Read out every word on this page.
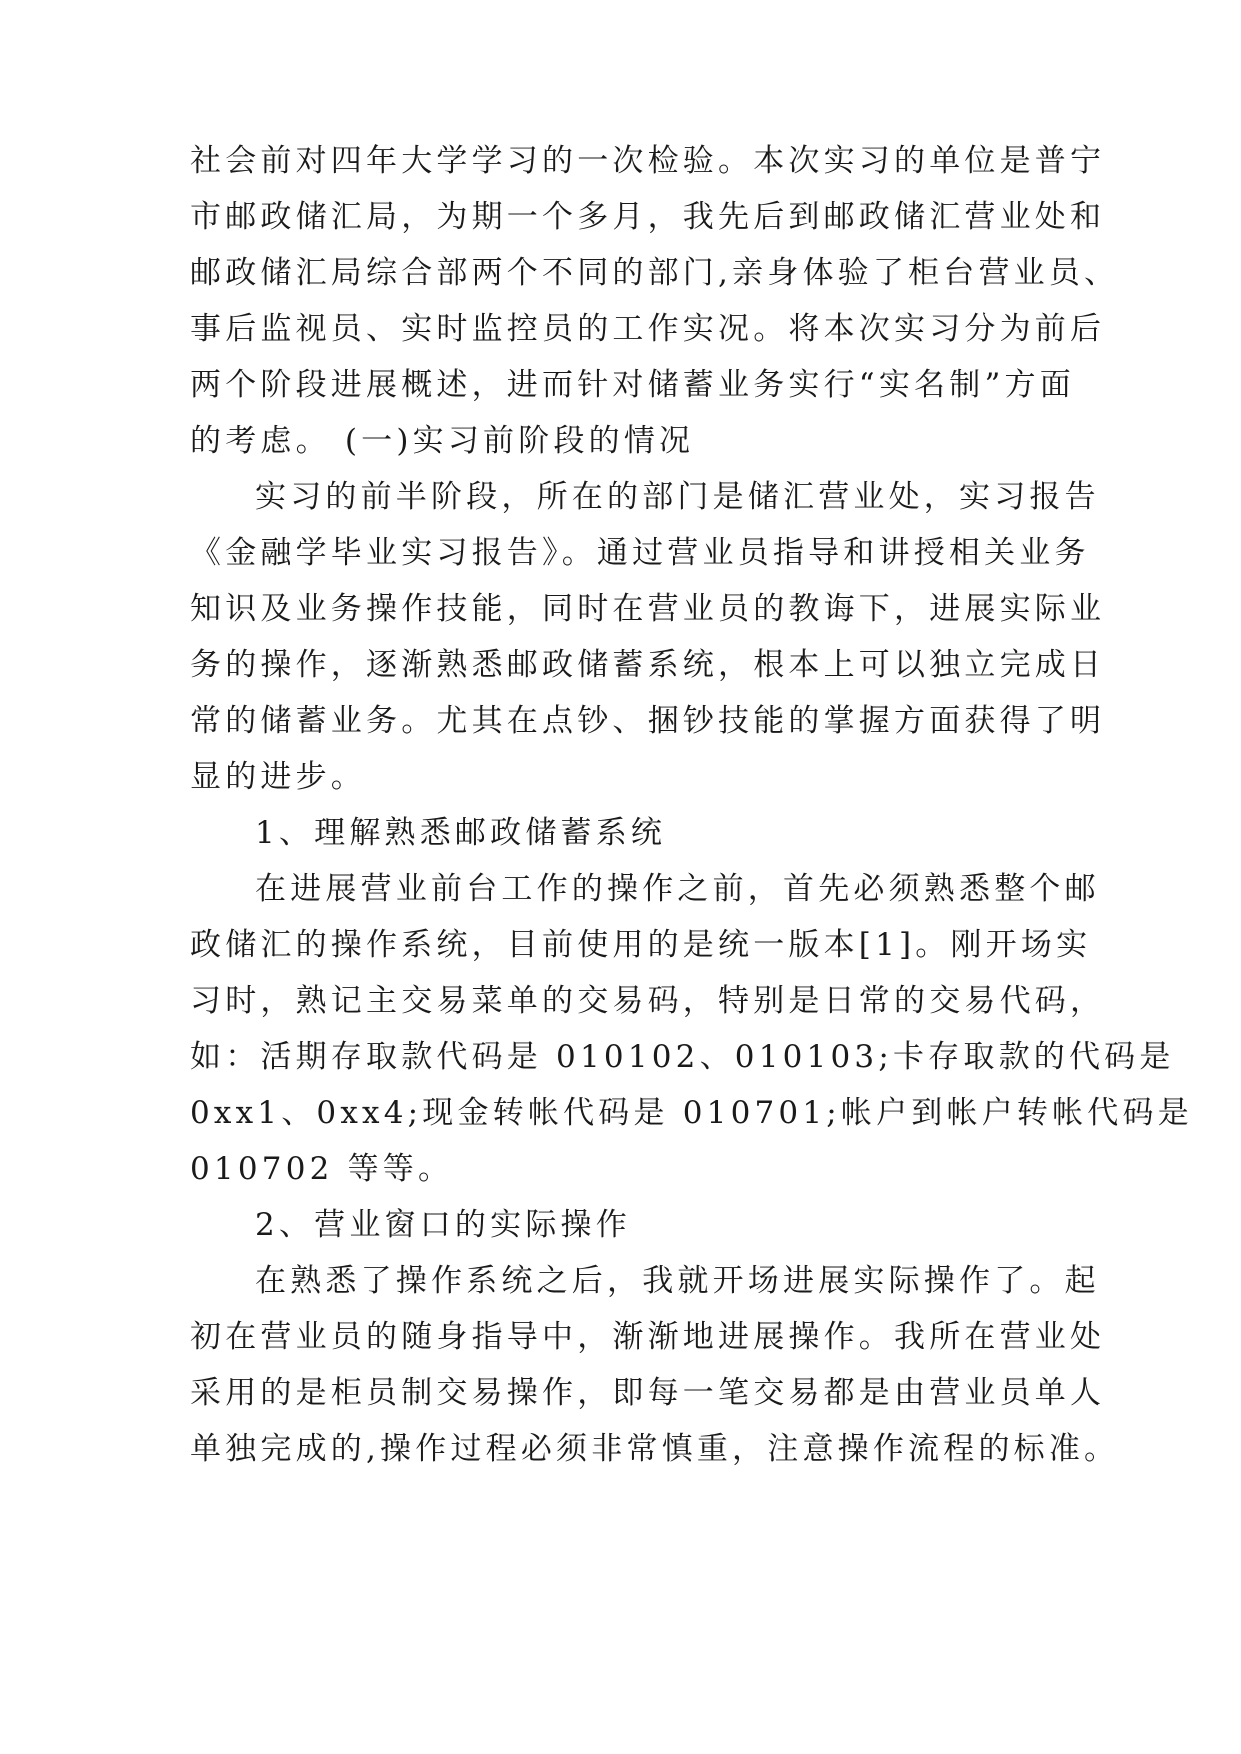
社会前对四年大学学习的一次检验。本次实习的单位是普宁
市邮政储汇局，为期一个多月，我先后到邮政储汇营业处和
邮政储汇局综合部两个不同的部门,亲身体验了柜台营业员、
事后监视员、实时监控员的工作实况。将本次实习分为前后
两个阶段进展概述，进而针对储蓄业务实行“实名制”方面
的考虑。 (一)实习前阶段的情况
实习的前半阶段，所在的部门是储汇营业处，实习报告
《金融学毕业实习报告》。通过营业员指导和讲授相关业务
知识及业务操作技能，同时在营业员的教诲下，进展实际业
务的操作，逐渐熟悉邮政储蓄系统，根本上可以独立完成日
常的储蓄业务。尤其在点钞、捆钞技能的掌握方面获得了明
显的进步。
1、理解熟悉邮政储蓄系统
在进展营业前台工作的操作之前，首先必须熟悉整个邮
政储汇的操作系统，目前使用的是统一版本[1]。刚开场实
习时，熟记主交易菜单的交易码，特别是日常的交易代码，
如：活期存取款代码是 010102、010103;卡存取款的代码是
0xx1、0xx4;现金转帐代码是 010701;帐户到帐户转帐代码是
010702 等等。
2、营业窗口的实际操作
在熟悉了操作系统之后，我就开场进展实际操作了。起
初在营业员的随身指导中，渐渐地进展操作。我所在营业处
采用的是柜员制交易操作，即每一笔交易都是由营业员单人
单独完成的,操作过程必须非常慎重，注意操作流程的标准。
